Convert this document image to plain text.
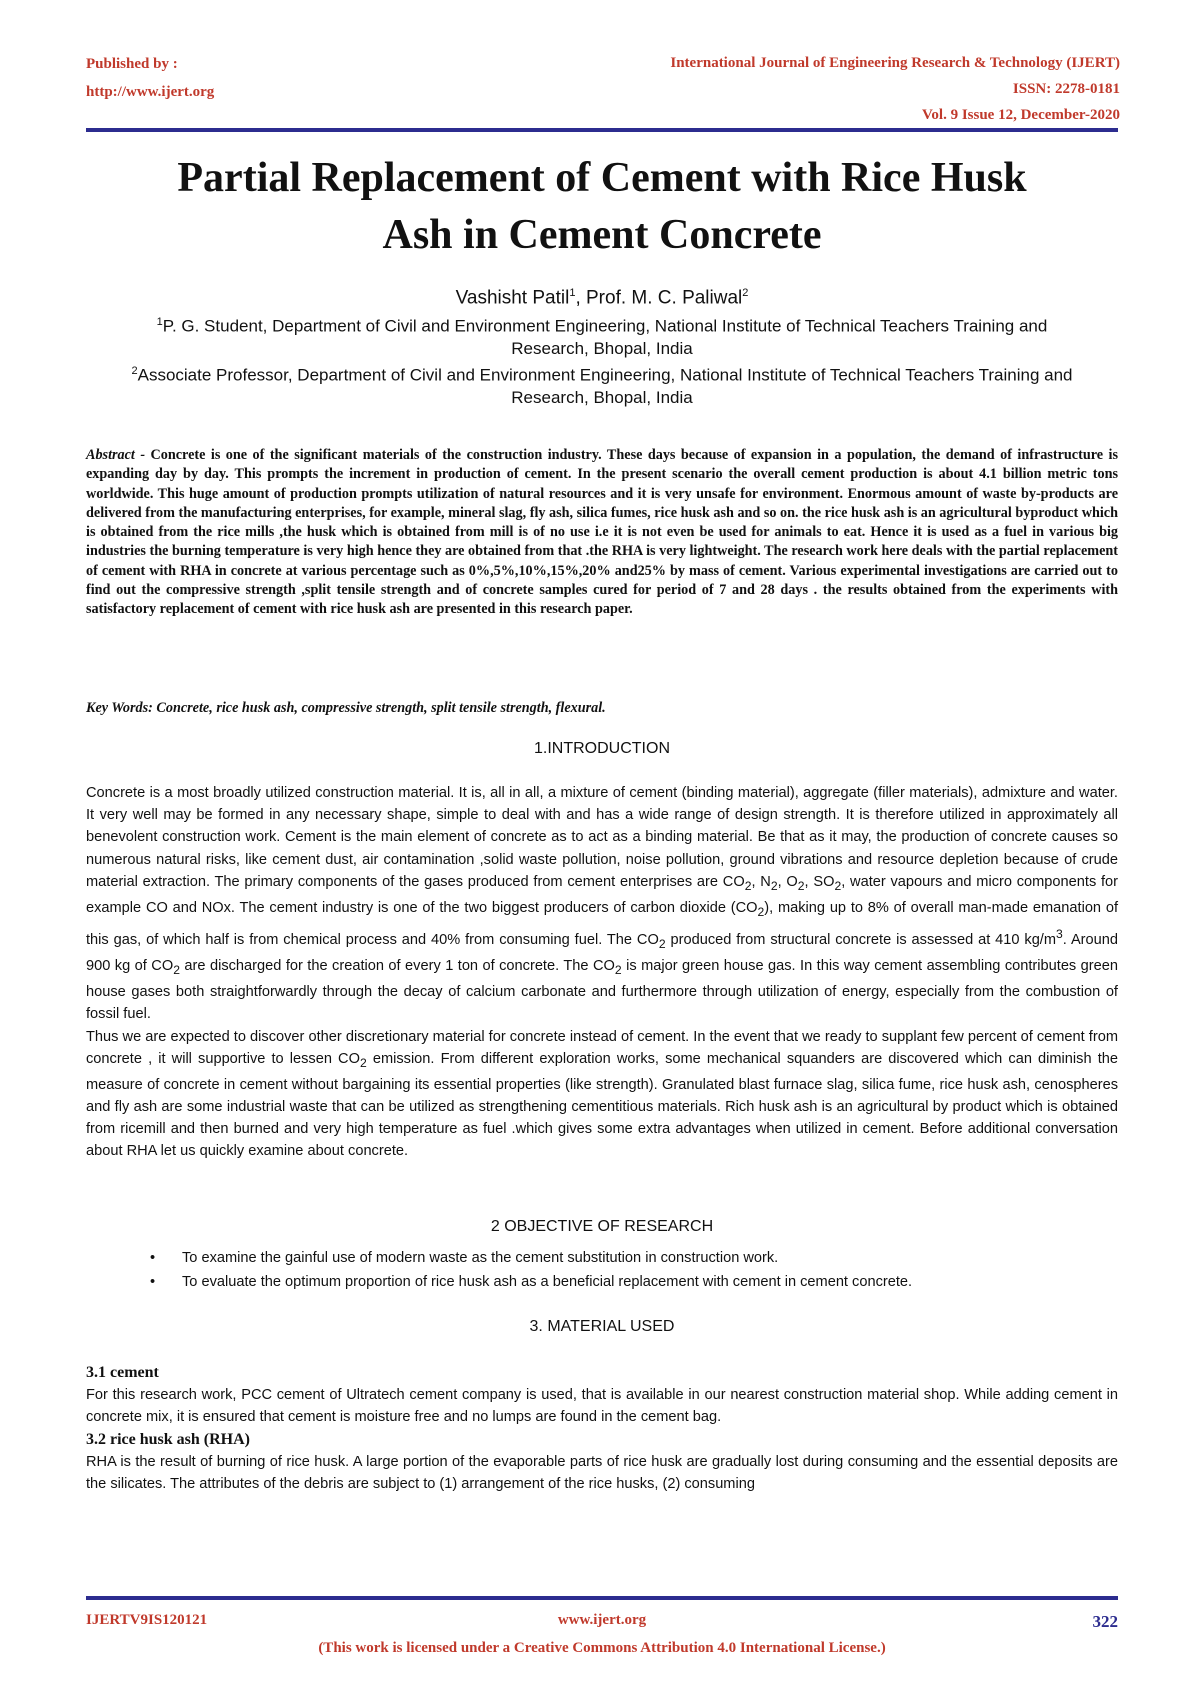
Published by :
http://www.ijert.org
International Journal of Engineering Research & Technology (IJERT)
ISSN: 2278-0181
Vol. 9 Issue 12, December-2020
Partial Replacement of Cement with Rice Husk
Ash in Cement Concrete
Vashisht Patil$^1$, Prof. M. C. Paliwal$^2$
$^1$P. G. Student, Department of Civil and Environment Engineering, National Institute of Technical Teachers Training and
Research, Bhopal, India
$^2$Associate Professor, Department of Civil and Environment Engineering, National Institute of Technical Teachers Training and
Research, Bhopal, India
Abstract - Concrete is one of the significant materials of the construction industry. These days because of expansion in a population, the demand of infrastructure is expanding day by day. This prompts the increment in production of cement. In the present scenario the overall cement production is about 4.1 billion metric tons worldwide. This huge amount of production prompts utilization of natural resources and it is very unsafe for environment. Enormous amount of waste by-products are delivered from the manufacturing enterprises, for example, mineral slag, fly ash, silica fumes, rice husk ash and so on. the rice husk ash is an agricultural byproduct which is obtained from the rice mills ,the husk which is obtained from mill is of no use i.e it is not even be used for animals to eat. Hence it is used as a fuel in various big industries the burning temperature is very high hence they are obtained from that .the RHA is very lightweight. The research work here deals with the partial replacement of cement with RHA in concrete at various percentage such as 0%,5%,10%,15%,20% and25% by mass of cement. Various experimental investigations are carried out to find out the compressive strength ,split tensile strength and of concrete samples cured for period of 7 and 28 days . the results obtained from the experiments with satisfactory replacement of cement with rice husk ash are presented in this research paper.
Key Words: Concrete, rice husk ash, compressive strength, split tensile strength, flexural.
1.INTRODUCTION

Concrete is a most broadly utilized construction material. It is, all in all, a mixture of cement (binding material), aggregate (filler materials), admixture and water. It very well may be formed in any necessary shape, simple to deal with and has a wide range of design strength. It is therefore utilized in approximately all benevolent construction work. Cement is the main element of concrete as to act as a binding material. Be that as it may, the production of concrete causes so numerous natural risks, like cement dust, air contamination ,solid waste pollution, noise pollution, ground vibrations and resource depletion because of crude material extraction. The primary components of the gases produced from cement enterprises are $CO_2$, $N_2$, $O_2$, $SO_2$, water vapours and micro components for example CO and NOx. The cement industry is one of the two biggest producers of carbon dioxide $(CO_2)$, making up to 8% of overall man-made emanation of this gas, of which half is from chemical process and 40% from consuming fuel. The $CO_2$ produced from structural concrete is assessed at 410 $kg/m^3$. Around 900 kg of $CO_2$ are discharged for the creation of every 1 ton of concrete. The $CO_2$ is major green house gas. In this way cement assembling contributes green house gases both straightforwardly through the decay of calcium carbonate and furthermore through utilization of energy, especially from the combustion of fossil fuel.

Thus we are expected to discover other discretionary material for concrete instead of cement. In the event that we ready to supplant few percent of cement from concrete , it will supportive to lessen $CO_2$ emission. From different exploration works, some mechanical squanders are discovered which can diminish the measure of concrete in cement without bargaining its essential properties (like strength). Granulated blast furnace slag, silica fume, rice husk ash, cenospheres and fly ash are some industrial waste that can be utilized as strengthening cementitious materials. Rich husk ash is an agricultural by product which is obtained from ricemill and then burned and very high temperature as fuel .which gives some extra advantages when utilized in cement. Before additional conversation about RHA let us quickly examine about concrete.

2 OBJECTIVE OF RESEARCH
•	To examine the gainful use of modern waste as the cement substitution in construction work.
•	To evaluate the optimum proportion of rice husk ash as a beneficial replacement with cement in cement concrete.
3. MATERIAL USED
3.1 cement

For this research work, PCC cement of Ultratech cement company is used, that is available in our nearest construction material shop. While adding cement in concrete mix, it is ensured that cement is moisture free and no lumps are found in the cement bag.

3.2 rice husk ash (RHA)

RHA is the result of burning of rice husk. A large portion of the evaporable parts of rice husk are gradually lost during consuming and the essential deposits are the silicates. The attributes of the debris are subject to (1) arrangement of the rice husks, (2) consuming

www.ijert.org
IJERTV9IS120121	322
(This work is licensed under a Creative Commons Attribution 4.0 International License.)
